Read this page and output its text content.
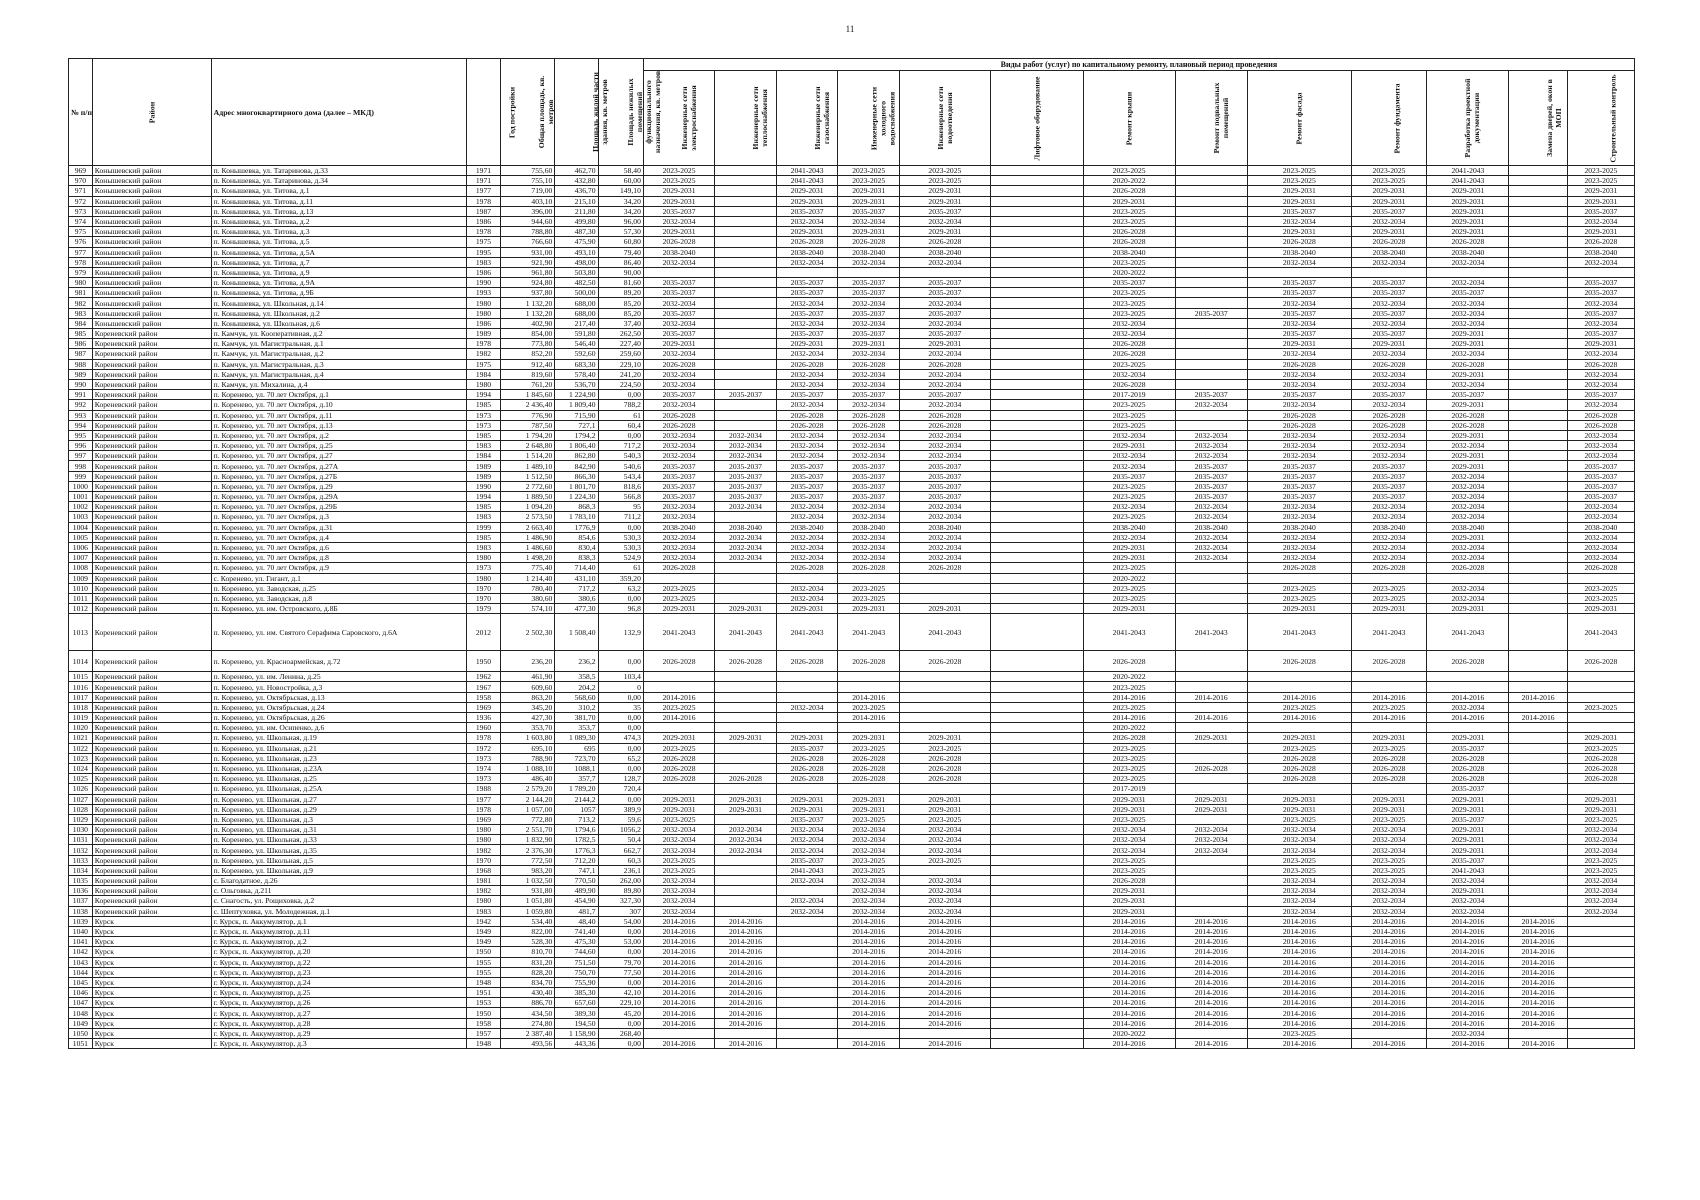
11
№ п/п	Район	Адрес многоквартирного дома (далее – МКД)	Год постройки	Общая площадь, кв. метров	Площадь жилой части здания, кв. метров	Площадь нежилых помещений функционального назначения, кв. метров	Виды работ (услуг) по капитальному ремонту, плановый период проведения												
							Инженерные сети электроснабжения	Инженерные сети теплоснабжения	Инженерные сети газоснабжения	Инженерные сети холодного водоснабжения	Инженерные сети водоотведения	Лифтовое оборудование	Ремонт крыши	Ремонт подвальных помещений	Ремонт фасада	Ремонт фундамента	Разработка проектной документации	Замена дверей, окон в МОП	Строительный контроль
969	Конышевский район	п. Конышевка, ул. Татаринова, д.33	1971	755,60	462,70	58,40	2023-2025		2041-2043	2023-2025	2023-2025		2023-2025		2023-2025	2023-2025	2041-2043		2023-2025
970	Конышевский район	п. Конышевка, ул. Татаринова, д.34	1971	755,10	432,80	60,00	2023-2025		2041-2043	2023-2025	2023-2025		2020-2022		2023-2025	2023-2025	2041-2043		2023-2025
971	Конышевский район	п. Конышевка, ул. Титова, д.1	1977	719,00	436,70	149,10	2029-2031		2029-2031	2029-2031	2029-2031		2026-2028		2029-2031	2029-2031	2029-2031		2029-2031
972	Конышевский район	п. Конышевка, ул. Титова, д.11	1978	403,10	215,10	34,20	2029-2031		2029-2031	2029-2031	2029-2031		2029-2031		2029-2031	2029-2031	2029-2031		2029-2031
973	Конышевский район	п. Конышевка, ул. Титова, д.13	1987	396,00	211,80	34,20	2035-2037		2035-2037	2035-2037	2035-2037		2023-2025		2035-2037	2035-2037	2029-2031		2035-2037
974	Конышевский район	п. Конышевка, ул. Титова, д.2	1986	944,60	499,80	96,00	2032-2034		2032-2034	2032-2034	2032-2034		2023-2025		2032-2034	2032-2034	2029-2031		2032-2034
975	Конышевский район	п. Конышевка, ул. Титова, д.3	1978	788,80	487,30	57,30	2029-2031		2029-2031	2029-2031	2029-2031		2026-2028		2029-2031	2029-2031	2029-2031		2029-2031
976	Конышевский район	п. Конышевка, ул. Титова, д.5	1975	766,60	475,90	60,80	2026-2028		2026-2028	2026-2028	2026-2028		2026-2028		2026-2028	2026-2028	2026-2028		2026-2028
977	Конышевский район	п. Конышевка, ул. Титова, д.5А	1995	931,00	493,10	79,40	2038-2040		2038-2040	2038-2040	2038-2040		2038-2040		2038-2040	2038-2040	2038-2040		2038-2040
978	Конышевский район	п. Конышевка, ул. Титова, д.7	1983	921,90	498,00	86,40	2032-2034		2032-2034	2032-2034	2032-2034		2023-2025		2032-2034	2032-2034	2032-2034		2032-2034
979	Конышевский район	п. Конышевка, ул. Титова, д.9	1986	961,80	503,80	90,00							2020-2022						
980	Конышевский район	п. Конышевка, ул. Титова, д.9А	1990	924,80	482,50	81,60	2035-2037		2035-2037	2035-2037	2035-2037		2035-2037		2035-2037	2035-2037	2032-2034		2035-2037
981	Конышевский район	п. Конышевка, ул. Титова, д.9Б	1993	937,80	500,00	89,20	2035-2037		2035-2037	2035-2037	2035-2037		2023-2025		2035-2037	2035-2037	2035-2037		2035-2037
982	Конышевский район	п. Конышевка, ул. Школьная, д.14	1980	1 132,20	688,00	85,20	2032-2034		2032-2034	2032-2034	2032-2034		2023-2025		2032-2034	2032-2034	2032-2034		2032-2034
983	Конышевский район	п. Конышевка, ул. Школьная, д.2	1980	1 132,20	688,00	85,20	2035-2037		2035-2037	2035-2037	2035-2037		2023-2025	2035-2037	2035-2037	2035-2037	2032-2034		2035-2037
984	Конышевский район	п. Конышевка, ул. Школьная, д.6	1986	402,90	217,40	37,40	2032-2034		2032-2034	2032-2034	2032-2034		2032-2034		2032-2034	2032-2034	2032-2034		2032-2034
985	Кореневский район	п. Камчук, ул. Кооперативная, д.2	1989	854,00	591,80	262,50	2035-2037		2035-2037	2035-2037	2035-2037		2032-2034		2035-2037	2035-2037	2029-2031		2035-2037
986	Кореневский район	п. Камчук, ул. Магистральная, д.1	1978	773,80	546,40	227,40	2029-2031		2029-2031	2029-2031	2029-2031		2026-2028		2029-2031	2029-2031	2029-2031		2029-2031
987	Кореневский район	п. Камчук, ул. Магистральная, д.2	1982	852,20	592,60	259,60	2032-2034		2032-2034	2032-2034	2032-2034		2026-2028		2032-2034	2032-2034	2032-2034		2032-2034
988	Кореневский район	п. Камчук, ул. Магистральная, д.3	1975	912,40	683,30	229,10	2026-2028		2026-2028	2026-2028	2026-2028		2023-2025		2026-2028	2026-2028	2026-2028		2026-2028
989	Кореневский район	п. Камчук, ул. Магистральная, д.4	1984	819,60	578,40	241,20	2032-2034		2032-2034	2032-2034	2032-2034		2032-2034		2032-2034	2032-2034	2029-2031		2032-2034
990	Кореневский район	п. Камчук, ул. Михалина, д.4	1980	761,20	536,70	224,50	2032-2034		2032-2034	2032-2034	2032-2034		2026-2028		2032-2034	2032-2034	2032-2034		2032-2034
991	Кореневский район	п. Коренево, ул. 70 лет Октября, д.1	1994	1 845,60	1 224,90	0,00	2035-2037	2035-2037	2035-2037	2035-2037	2035-2037		2017-2019	2035-2037	2035-2037	2035-2037	2035-2037		2035-2037
992	Кореневский район	п. Коренево, ул. 70 лет Октября, д.10	1985	2 436,40	1 809,40	788,2	2032-2034		2032-2034	2032-2034	2032-2034		2023-2025	2032-2034	2032-2034	2032-2034	2029-2031		2032-2034
993	Кореневский район	п. Коренево, ул. 70 лет Октября, д.11	1973	776,90	715,90	61	2026-2028		2026-2028	2026-2028	2026-2028		2023-2025		2026-2028	2026-2028	2026-2028		2026-2028
994	Кореневский район	п. Коренево, ул. 70 лет Октября, д.13	1973	787,50	727,1	60,4	2026-2028		2026-2028	2026-2028	2026-2028		2023-2025		2026-2028	2026-2028	2026-2028		2026-2028
995	Кореневский район	п. Коренево, ул. 70 лет Октября, д.2	1985	1 794,20	1794,2	0,00	2032-2034	2032-2034	2032-2034	2032-2034	2032-2034		2032-2034	2032-2034	2032-2034	2032-2034	2029-2031		2032-2034
996	Кореневский район	п. Коренево, ул. 70 лет Октября, д.25	1983	2 648,80	1 806,40	717,2	2032-2034	2032-2034	2032-2034	2032-2034	2032-2034		2029-2031	2032-2034	2032-2034	2032-2034	2032-2034		2032-2034
997	Кореневский район	п. Коренево, ул. 70 лет Октября, д.27	1984	1 514,20	862,80	540,3	2032-2034	2032-2034	2032-2034	2032-2034	2032-2034		2032-2034	2032-2034	2032-2034	2032-2034	2029-2031		2032-2034
998	Кореневский район	п. Коренево, ул. 70 лет Октября, д.27А	1989	1 489,10	842,90	540,6	2035-2037	2035-2037	2035-2037	2035-2037	2035-2037		2032-2034	2035-2037	2035-2037	2035-2037	2029-2031		2035-2037
999	Кореневский район	п. Коренево, ул. 70 лет Октября, д.27Б	1989	1 512,50	866,30	543,4	2035-2037	2035-2037	2035-2037	2035-2037	2035-2037		2035-2037	2035-2037	2035-2037	2035-2037	2032-2034		2035-2037
1000	Кореневский район	п. Коренево, ул. 70 лет Октября, д.29	1990	2 772,60	1 801,70	818,6	2035-2037	2035-2037	2035-2037	2035-2037	2035-2037		2023-2025	2035-2037	2035-2037	2035-2037	2032-2034		2035-2037
1001	Кореневский район	п. Коренево, ул. 70 лет Октября, д.29А	1994	1 889,50	1 224,30	566,8	2035-2037	2035-2037	2035-2037	2035-2037	2035-2037		2023-2025	2035-2037	2035-2037	2035-2037	2032-2034		2035-2037
1002	Кореневский район	п. Коренево, ул. 70 лет Октября, д.29Б	1985	1 094,20	868,3	95	2032-2034	2032-2034	2032-2034	2032-2034	2032-2034		2032-2034	2032-2034	2032-2034	2032-2034	2032-2034		2032-2034
1003	Кореневский район	п. Коренево, ул. 70 лет Октября, д.3	1983	2 573,50	1 783,10	711,2	2032-2034		2032-2034	2032-2034	2032-2034		2023-2025	2032-2034	2032-2034	2032-2034	2032-2034		2032-2034
1004	Кореневский район	п. Коренево, ул. 70 лет Октября, д.31	1999	2 663,40	1776,9	0,00	2038-2040	2038-2040	2038-2040	2038-2040	2038-2040		2038-2040	2038-2040	2038-2040	2038-2040	2038-2040		2038-2040
1005	Кореневский район	п. Коренево, ул. 70 лет Октября, д.4	1985	1 486,90	854,6	530,3	2032-2034	2032-2034	2032-2034	2032-2034	2032-2034		2032-2034	2032-2034	2032-2034	2032-2034	2029-2031		2032-2034
1006	Кореневский район	п. Коренево, ул. 70 лет Октября, д.6	1983	1 486,60	830,4	530,3	2032-2034	2032-2034	2032-2034	2032-2034	2032-2034		2029-2031	2032-2034	2032-2034	2032-2034	2032-2034		2032-2034
1007	Кореневский район	п. Коренево, ул. 70 лет Октября, д.8	1980	1 498,20	838,3	524,9	2032-2034	2032-2034	2032-2034	2032-2034	2032-2034		2029-2031	2032-2034	2032-2034	2032-2034	2032-2034		2032-2034
1008	Кореневский район	п. Коренево, ул. 70 лет Октября, д.9	1973	775,40	714,40	61	2026-2028		2026-2028	2026-2028	2026-2028		2023-2025		2026-2028	2026-2028	2026-2028		2026-2028
1009	Кореневский район	с. Коренево, ул. Гигант, д.1	1980	1 214,40	431,10	359,20							2020-2022						
1010	Кореневский район	п. Коренево, ул. Заводская, д.25	1970	780,40	717,2	63,2	2023-2025		2032-2034	2023-2025			2023-2025		2023-2025	2023-2025	2032-2034		2023-2025
1011	Кореневский район	п. Коренево, ул. Заводская, д.8	1970	380,60	380,6	0,00	2023-2025		2032-2034	2023-2025			2023-2025		2023-2025	2023-2025	2032-2034		2023-2025
1012	Кореневский район	п. Коренево, ул. им. Островского, д.8Б	1979	574,10	477,30	96,8	2029-2031	2029-2031	2029-2031	2029-2031	2029-2031		2029-2031		2029-2031	2029-2031	2029-2031		2029-2031
1013	Кореневский район	п. Коренево, ул. им. Святого Серафима Саровского, д.6А	2012	2 502,30	1 508,40	132,9	2041-2043	2041-2043	2041-2043	2041-2043	2041-2043		2041-2043	2041-2043	2041-2043	2041-2043	2041-2043		2041-2043
1014	Кореневский район	п. Коренево, ул. Красноармейская, д.72	1950	236,20	236,2	0,00	2026-2028	2026-2028	2026-2028	2026-2028	2026-2028		2026-2028		2026-2028	2026-2028	2026-2028		2026-2028
1015	Кореневский район	п. Коренево, ул. им. Ленина, д.25	1962	461,90	358,5	103,4							2020-2022						
1016	Кореневский район	п. Коренево, ул. Новостройка, д.3	1967	609,60	204,2	0							2023-2025						
1017	Кореневский район	п. Коренево, ул. Октябрьская, д.13	1958	863,20	568,60	0,00	2014-2016			2014-2016			2014-2016	2014-2016	2014-2016	2014-2016	2014-2016	2014-2016	
1018	Кореневский район	п. Коренево, ул. Октябрьская, д.24	1969	345,20	310,2	35	2023-2025		2032-2034	2023-2025			2023-2025		2023-2025	2023-2025	2032-2034		2023-2025
1019	Кореневский район	п. Коренево, ул. Октябрьская, д.26	1936	427,30	381,70	0,00	2014-2016			2014-2016			2014-2016	2014-2016	2014-2016	2014-2016	2014-2016	2014-2016	
1020	Кореневский район	п. Коренево, ул. им. Осипенко, д.6	1960	353,70	353,7	0,00							2020-2022						
1021	Кореневский район	п. Коренево, ул. Школьная, д.19	1978	1 603,80	1 089,30	474,3	2029-2031	2029-2031	2029-2031	2029-2031	2029-2031		2026-2028	2029-2031	2029-2031	2029-2031	2029-2031		2029-2031
1022	Кореневский район	п. Коренево, ул. Школьная, д.21	1972	695,10	695	0,00	2023-2025		2035-2037	2023-2025	2023-2025		2023-2025		2023-2025	2023-2025	2035-2037		2023-2025
1023	Кореневский район	п. Коренево, ул. Школьная, д.23	1973	788,90	723,70	65,2	2026-2028		2026-2028	2026-2028	2026-2028		2023-2025		2026-2028	2026-2028	2026-2028		2026-2028
1024	Кореневский район	п. Коренево, ул. Школьная, д.23А	1974	1 088,10	1088,1	0,00	2026-2028		2026-2028	2026-2028	2026-2028		2023-2025	2026-2028	2026-2028	2026-2028	2026-2028		2026-2028
1025	Кореневский район	п. Коренево, ул. Школьная, д.25	1973	486,40	357,7	128,7	2026-2028	2026-2028	2026-2028	2026-2028	2026-2028		2023-2025		2026-2028	2026-2028	2026-2028		2026-2028
1026	Кореневский район	п. Коренево, ул. Школьная, д.25А	1988	2 579,20	1 789,20	720,4							2017-2019				2035-2037		
1027	Кореневский район	п. Коренево, ул. Школьная, д.27	1977	2 144,20	2144,2	0,00	2029-2031	2029-2031	2029-2031	2029-2031	2029-2031		2029-2031	2029-2031	2029-2031	2029-2031	2029-2031		2029-2031
1028	Кореневский район	п. Коренево, ул. Школьная, д.29	1978	1 057,00	1057	389,9	2029-2031	2029-2031	2029-2031	2029-2031	2029-2031		2029-2031	2029-2031	2029-2031	2029-2031	2029-2031		2029-2031
1029	Кореневский район	п. Коренево, ул. Школьная, д.3	1969	772,80	713,2	59,6	2023-2025		2035-2037	2023-2025	2023-2025		2023-2025		2023-2025	2023-2025	2035-2037		2023-2025
1030	Кореневский район	п. Коренево, ул. Школьная, д.31	1980	2 551,70	1794,6	1056,2	2032-2034	2032-2034	2032-2034	2032-2034	2032-2034		2032-2034	2032-2034	2032-2034	2032-2034	2029-2031		2032-2034
1031	Кореневский район	п. Коренево, ул. Школьная, д.33	1980	1 832,90	1782,5	50,4	2032-2034	2032-2034	2032-2034	2032-2034	2032-2034		2032-2034	2032-2034	2032-2034	2032-2034	2029-2031		2032-2034
1032	Кореневский район	п. Коренево, ул. Школьная, д.35	1982	2 376,30	1776,3	662,7	2032-2034	2032-2034	2032-2034	2032-2034	2032-2034		2032-2034	2032-2034	2032-2034	2032-2034	2029-2031		2032-2034
1033	Кореневский район	п. Коренево, ул. Школьная, д.5	1970	772,50	712,20	60,3	2023-2025		2035-2037	2023-2025	2023-2025		2023-2025		2023-2025	2023-2025	2035-2037		2023-2025
1034	Кореневский район	п. Коренево, ул. Школьная, д.9	1968	983,20	747,1	236,1	2023-2025		2041-2043	2023-2025			2023-2025		2023-2025	2023-2025	2041-2043		2023-2025
1035	Кореневский район	с. Благодатное, д.26	1981	1 032,50	770,50	262,00	2032-2034		2032-2034	2032-2034	2032-2034		2026-2028		2032-2034	2032-2034	2032-2034		2032-2034
1036	Кореневский район	с. Ольговка, д.211	1982	931,80	489,90	89,80	2032-2034			2032-2034	2032-2034		2029-2031		2032-2034	2032-2034	2029-2031		2032-2034
1037	Кореневский район	с. Снагость, ул. Рощиховка, д.2	1980	1 051,80	454,90	327,30	2032-2034		2032-2034	2032-2034	2032-2034		2029-2031		2032-2034	2032-2034	2032-2034		2032-2034
1038	Кореневский район	с. Шептуховка, ул. Молодежная, д.1	1983	1 059,80	481,7	307	2032-2034		2032-2034	2032-2034	2032-2034		2029-2031		2032-2034	2032-2034	2032-2034		2032-2034
1039	Курск	г. Курск, п. Аккумулятор, д.1	1942	534,40	48,40	54,00	2014-2016	2014-2016		2014-2016	2014-2016		2014-2016	2014-2016	2014-2016	2014-2016	2014-2016	2014-2016	
1040	Курск	г. Курск, п. Аккумулятор, д.11	1949	822,00	741,40	0,00	2014-2016	2014-2016		2014-2016	2014-2016		2014-2016	2014-2016	2014-2016	2014-2016	2014-2016	2014-2016	
1041	Курск	г. Курск, п. Аккумулятор, д.2	1949	528,30	475,30	53,00	2014-2016	2014-2016		2014-2016	2014-2016		2014-2016	2014-2016	2014-2016	2014-2016	2014-2016	2014-2016	
1042	Курск	г. Курск, п. Аккумулятор, д.20	1950	810,70	744,60	0,00	2014-2016	2014-2016		2014-2016	2014-2016		2014-2016	2014-2016	2014-2016	2014-2016	2014-2016	2014-2016	
1043	Курск	г. Курск, п. Аккумулятор, д.22	1955	831,20	751,50	79,70	2014-2016	2014-2016		2014-2016	2014-2016		2014-2016	2014-2016	2014-2016	2014-2016	2014-2016	2014-2016	
1044	Курск	г. Курск, п. Аккумулятор, д.23	1955	828,20	750,70	77,50	2014-2016	2014-2016		2014-2016	2014-2016		2014-2016	2014-2016	2014-2016	2014-2016	2014-2016	2014-2016	
1045	Курск	г. Курск, п. Аккумулятор, д.24	1948	834,70	755,90	0,00	2014-2016	2014-2016		2014-2016	2014-2016		2014-2016	2014-2016	2014-2016	2014-2016	2014-2016	2014-2016	
1046	Курск	г. Курск, п. Аккумулятор, д.25	1951	430,40	385,30	42,10	2014-2016	2014-2016		2014-2016	2014-2016		2014-2016	2014-2016	2014-2016	2014-2016	2014-2016	2014-2016	
1047	Курск	г. Курск, п. Аккумулятор, д.26	1953	886,70	657,60	229,10	2014-2016	2014-2016		2014-2016	2014-2016		2014-2016	2014-2016	2014-2016	2014-2016	2014-2016	2014-2016	
1048	Курск	г. Курск, п. Аккумулятор, д.27	1950	434,50	389,30	45,20	2014-2016	2014-2016		2014-2016	2014-2016		2014-2016	2014-2016	2014-2016	2014-2016	2014-2016	2014-2016	
1049	Курск	г. Курск, п. Аккумулятор, д.28	1958	274,80	194,50	0,00	2014-2016	2014-2016		2014-2016	2014-2016		2014-2016	2014-2016	2014-2016	2014-2016	2014-2016	2014-2016	
1050	Курск	г. Курск, п. Аккумулятор, д.29	1957	2 387,40	1 158,90	268,40							2020-2022		2023-2025		2032-2034		
1051	Курск	г. Курск, п. Аккумулятор, д.3	1948	493,56	443,36	0,00	2014-2016	2014-2016		2014-2016	2014-2016		2014-2016	2014-2016	2014-2016	2014-2016	2014-2016	2014-2016	
